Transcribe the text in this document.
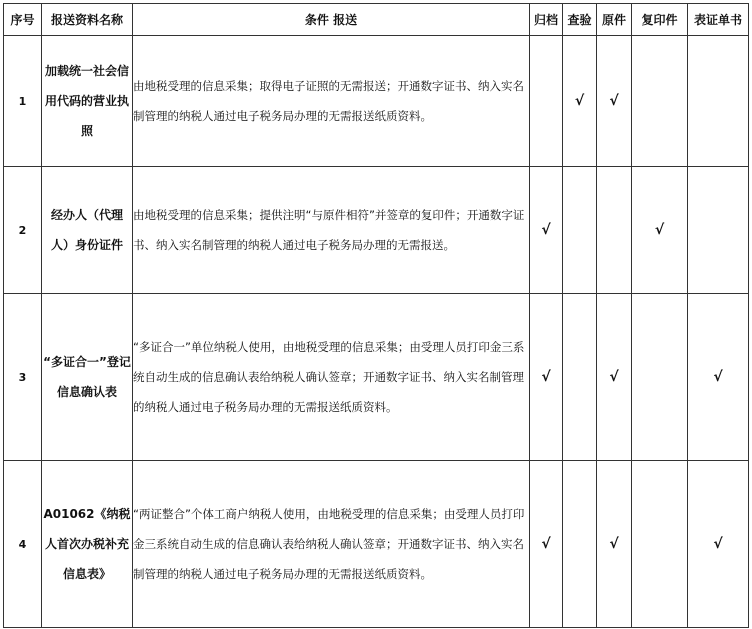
序号	报送资料名称	条件 报送	归档	查验	原件	复印件	表证单书
1	加载统一社会信用代码的营业执照	由地税受理的信息采集；取得电子证照的无需报送；开通数字证书、纳入实名制管理的纳税人通过电子税务局办理的无需报送纸质资料。		√	√		
2	经办人（代理人）身份证件	由地税受理的信息采集；提供注明“与原件相符”并签章的复印件；开通数字证书、纳入实名制管理的纳税人通过电子税务局办理的无需报送。	√			√	
3	“多证合一”登记信息确认表	“多证合一”单位纳税人使用，由地税受理的信息采集；由受理人员打印金三系统自动生成的信息确认表给纳税人确认签章；开通数字证书、纳入实名制管理的纳税人通过电子税务局办理的无需报送纸质资料。	√		√		√
4	A01062《纳税人首次办税补充信息表》	“两证整合”个体工商户纳税人使用，由地税受理的信息采集；由受理人员打印金三系统自动生成的信息确认表给纳税人确认签章；开通数字证书、纳入实名制管理的纳税人通过电子税务局办理的无需报送纸质资料。	√		√		√
